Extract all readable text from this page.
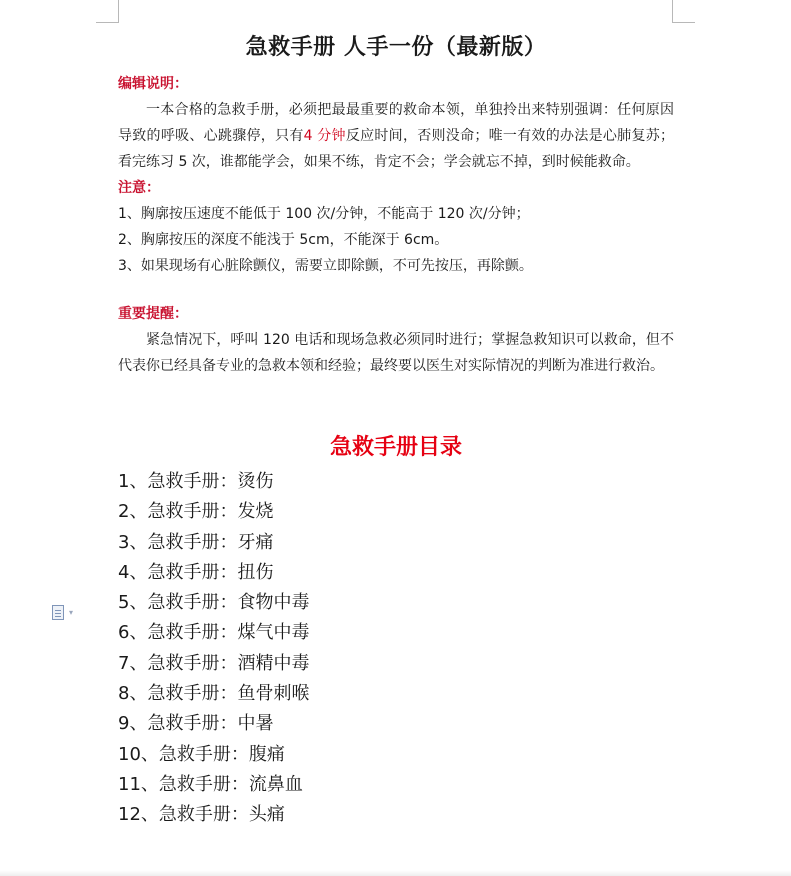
▾
急救手册 人手一份（最新版）
编辑说明：

一本合格的急救手册，必须把最最重要的救命本领，单独拎出来特别强调：任何原因导致的呼吸、心跳骤停，只有4 分钟反应时间，否则没命；唯一有效的办法是心肺复苏；看完练习 5 次，谁都能学会，如果不练，肯定不会；学会就忘不掉，到时候能救命。

注意：
1、胸廓按压速度不能低于 100 次/分钟，不能高于 120 次/分钟；
2、胸廓按压的深度不能浅于 5cm，不能深于 6cm。
3、如果现场有心脏除颤仪，需要立即除颤，不可先按压，再除颤。
重要提醒：

紧急情况下，呼叫 120 电话和现场急救必须同时进行；掌握急救知识可以救命，但不代表你已经具备专业的急救本领和经验；最终要以医生对实际情况的判断为准进行救治。

急救手册目录
1、急救手册：烫伤
2、急救手册：发烧
3、急救手册：牙痛
4、急救手册：扭伤
5、急救手册：食物中毒
6、急救手册：煤气中毒
7、急救手册：酒精中毒
8、急救手册：鱼骨刺喉
9、急救手册：中暑
10、急救手册：腹痛
11、急救手册：流鼻血
12、急救手册：头痛
